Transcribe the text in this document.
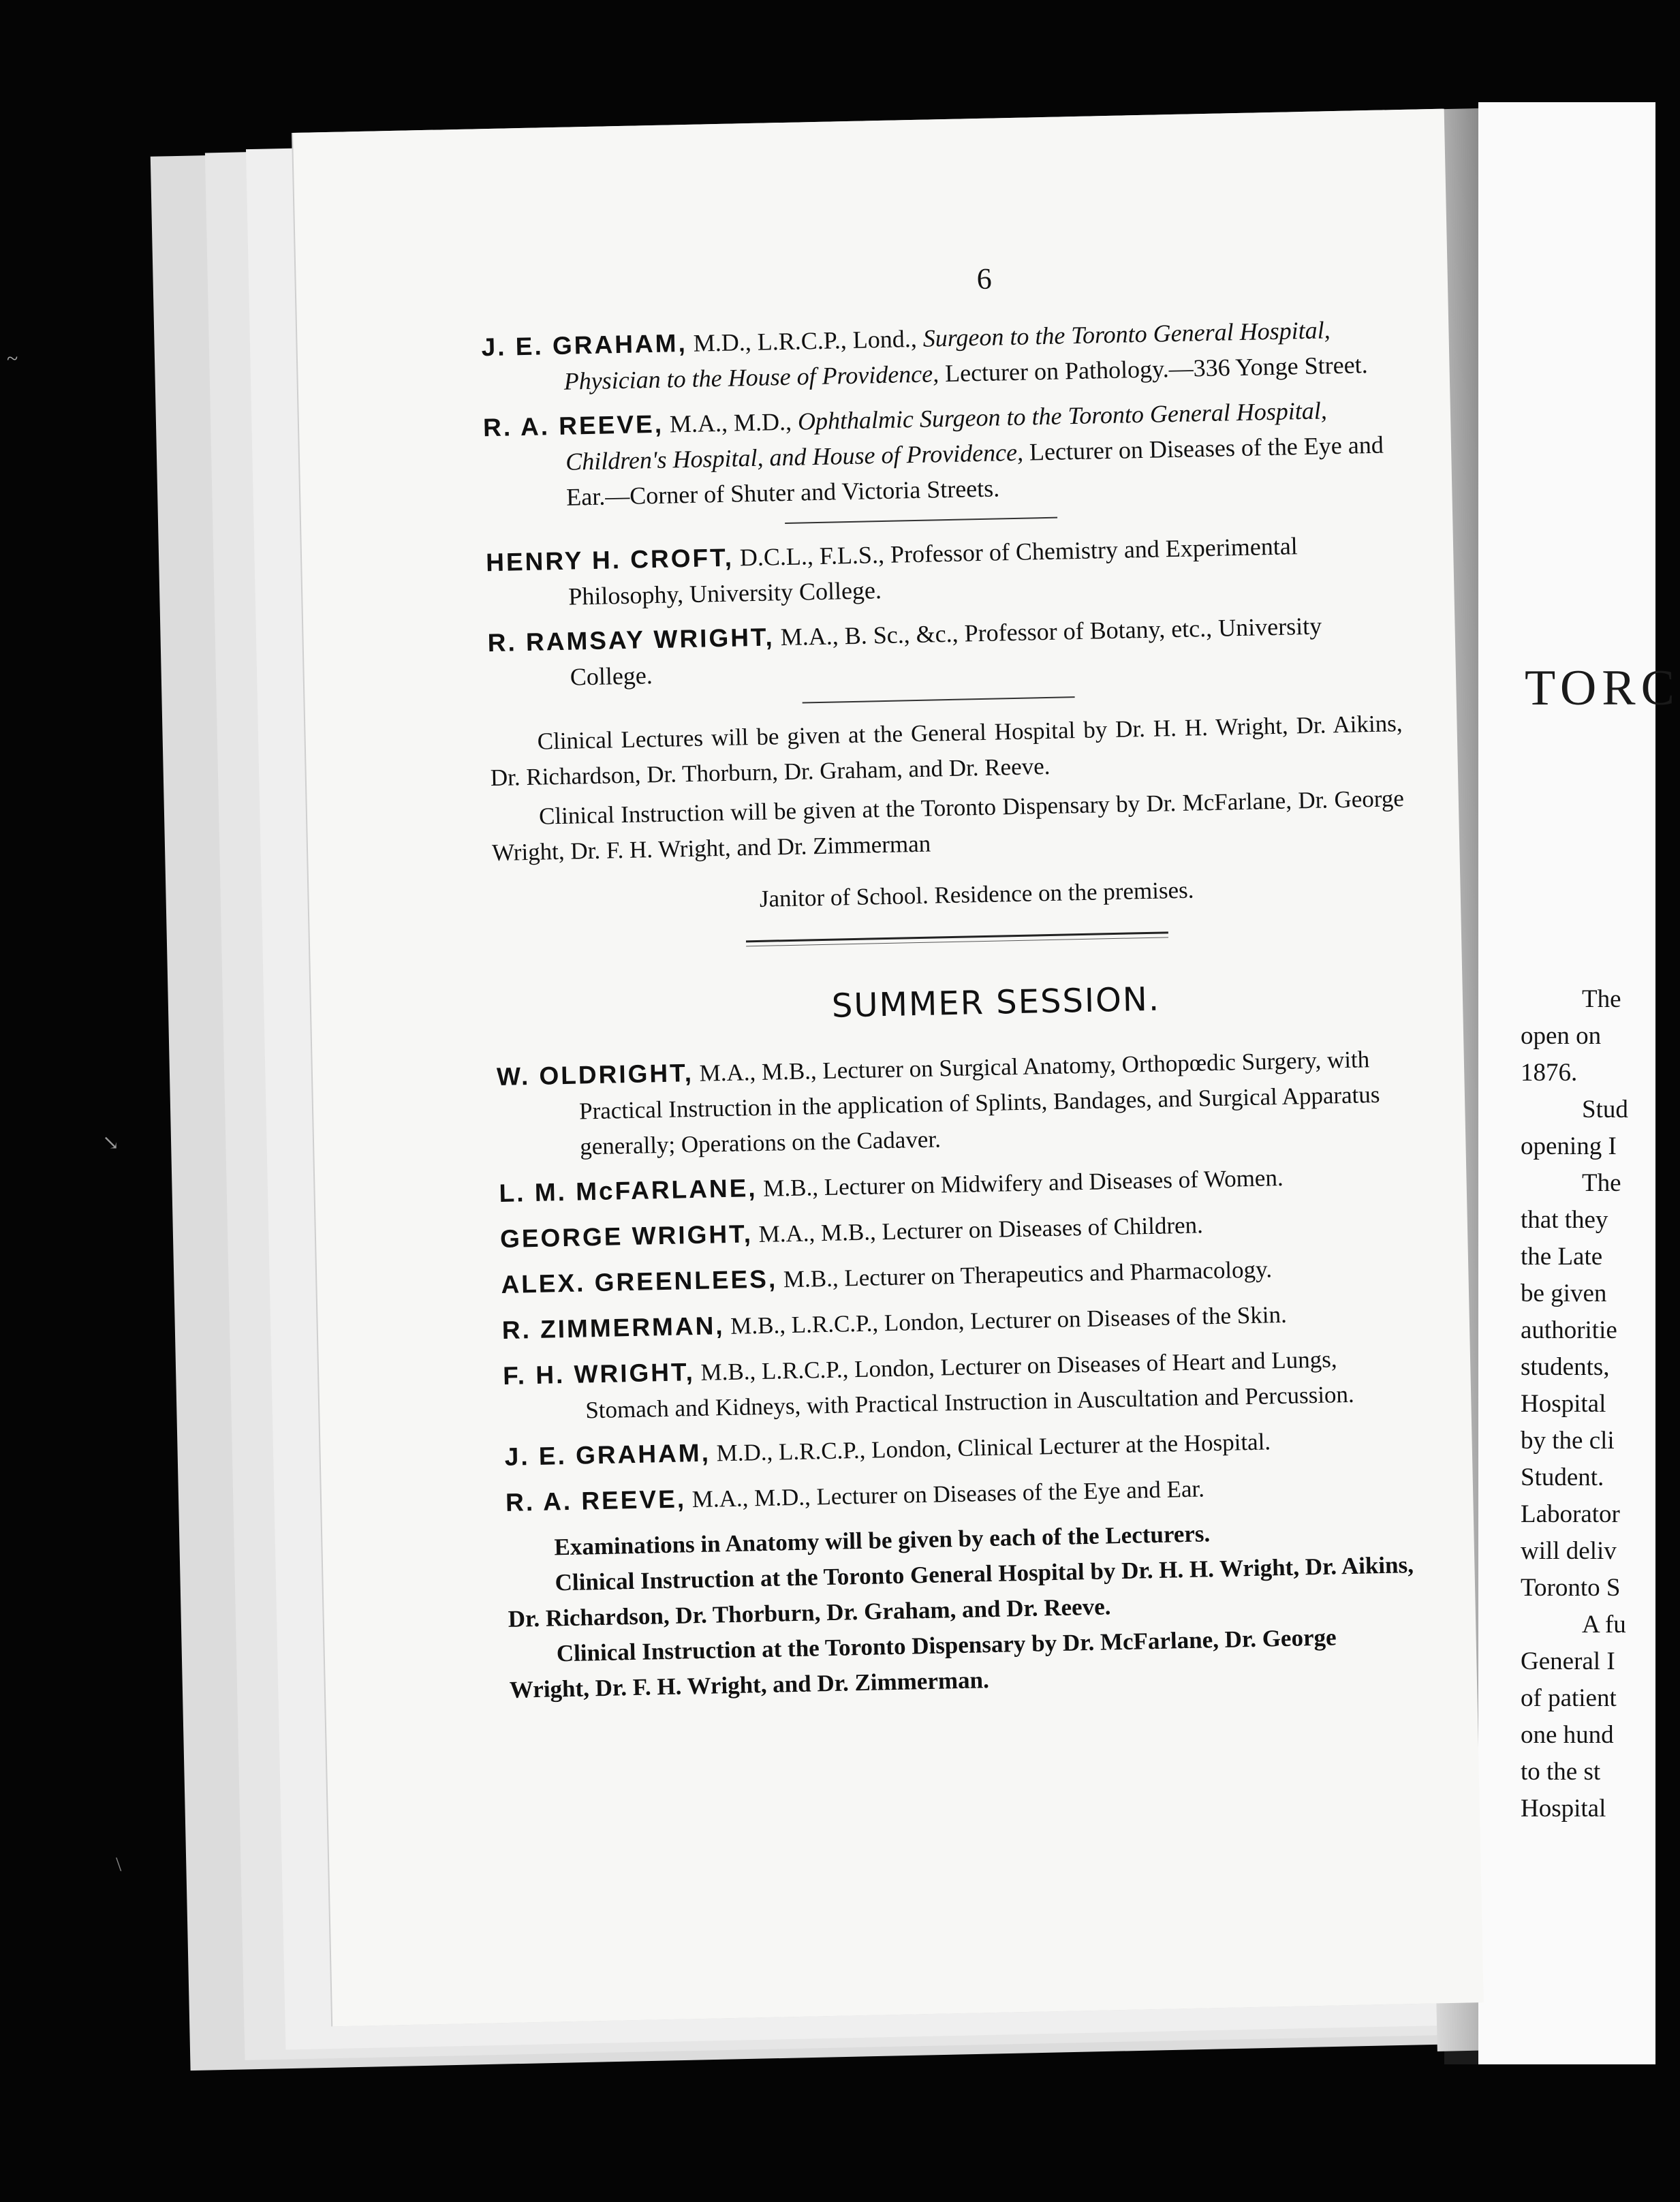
TORC
The
open on
1876.
Stud
opening I
The
that they
the Late
be given
authoritie
students,
Hospital
by the cli
Student.
Laborator
will deliv
Toronto S
A fu
General I
of patient
one hund
to the st
Hospital
6

J. E. GRAHAM, M.D., L.R.C.P., Lond., Surgeon to the Toronto General Hospital, Physician to the House of Providence, Lecturer on Pathology.—336 Yonge Street.

R. A. REEVE, M.A., M.D., Ophthalmic Surgeon to the Toronto General Hospital, Children's Hospital, and House of Providence, Lecturer on Diseases of the Eye and Ear.—Corner of Shuter and Victoria Streets.

HENRY H. CROFT, D.C.L., F.L.S., Professor of Chemistry and Experimental Philosophy, University College.

R. RAMSAY WRIGHT, M.A., B. Sc., &c., Professor of Botany, etc., University College.

Clinical Lectures will be given at the General Hospital by Dr. H. H. Wright, Dr. Aikins, Dr. Richardson, Dr. Thorburn, Dr. Graham, and Dr. Reeve.

Clinical Instruction will be given at the Toronto Dispensary by Dr. McFarlane, Dr. George Wright, Dr. F. H. Wright, and Dr. Zimmerman

Janitor of School. Residence on the premises.
SUMMER SESSION.

W. OLDRIGHT, M.A., M.B., Lecturer on Surgical Anatomy, Orthopœdic Surgery, with Practical Instruction in the application of Splints, Bandages, and Surgical Apparatus generally; Operations on the Cadaver.

L. M. McFARLANE, M.B., Lecturer on Midwifery and Diseases of Women.

GEORGE WRIGHT, M.A., M.B., Lecturer on Diseases of Children.

ALEX. GREENLEES, M.B., Lecturer on Therapeutics and Pharmacology.

R. ZIMMERMAN, M.B., L.R.C.P., London, Lecturer on Diseases of the Skin.

F. H. WRIGHT, M.B., L.R.C.P., London, Lecturer on Diseases of Heart and Lungs, Stomach and Kidneys, with Practical Instruction in Auscultation and Percussion.

J. E. GRAHAM, M.D., L.R.C.P., London, Clinical Lecturer at the Hospital.

R. A. REEVE, M.A., M.D., Lecturer on Diseases of the Eye and Ear.

Examinations in Anatomy will be given by each of the Lecturers.

Clinical Instruction at the Toronto General Hospital by Dr. H. H. Wright, Dr. Aikins, Dr. Richardson, Dr. Thorburn, Dr. Graham, and Dr. Reeve.

Clinical Instruction at the Toronto Dispensary by Dr. McFarlane, Dr. George Wright, Dr. F. H. Wright, and Dr. Zimmerman.

↘
\
~
